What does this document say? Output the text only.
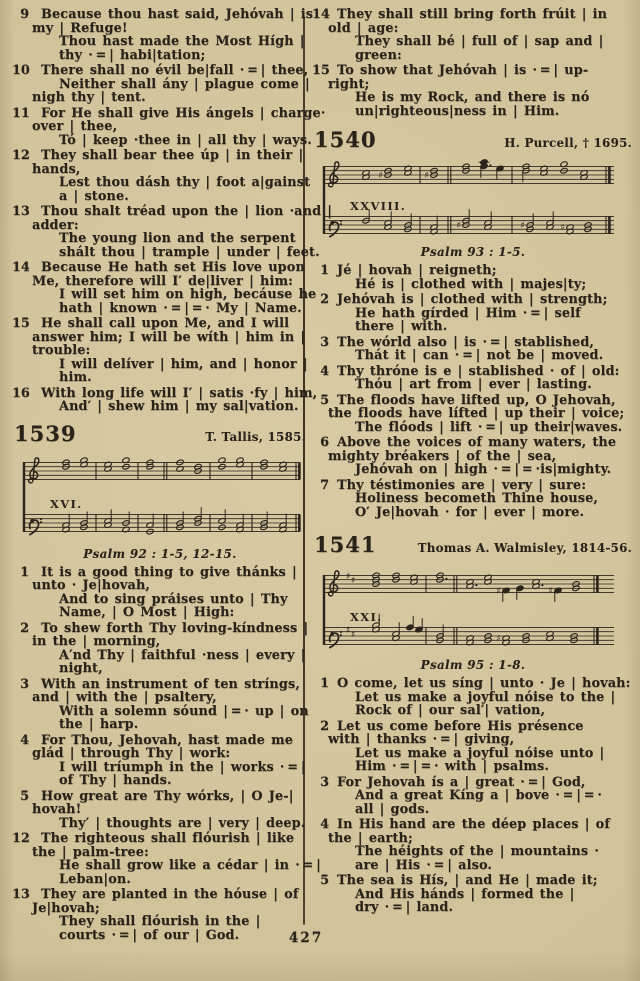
9 Because thou hast said, Jehóvah | is
my | Refuge!
Thou hast made the Most Hígh |
thy · = | habi|tation;
10 There shall no évil be|fall · = | thee,
Neither shall ány | plague come |
nigh thy | tent.
11 For He shall give His ángels | charge·
over | thee,
Tó | keep ·thee in | all thy | ways.
12 They shall bear thee úp | in their |
hands,
Lest thou dásh thy | foot a|gainst
a | stone.
13 Thou shalt tréad upon the | lion ·and |
adder:
The young lion and the serpent
shált thou | trample | under | feet.
14 Because He hath set His love upon
Me, therefore will I′ de|liver | him:
I will set him on high, becáuse he
hath | known · = | = · My | Name.
15 He shall call upon Me, and I will
answer him; I will be wíth | him in |
trouble:
I will delíver | him, and | honor |
him.
16 With long life will I′ | satis ·fy | him,
And′ | shew him | my sal|vation.
1539	T. Tallis, 1585.
XVI.
Psalm 92 : 1-5, 12-15.
1 It is a good thing to give thánks |
unto · Je|hovah,
And to sing práises unto | Thy
Name, | O Most | High:
2 To shew forth Thy loving-kíndness |
in the | morning,
A′nd Thy | faithful ·ness | every |
night,
3 With an instrument of ten stríngs,
and | with the | psaltery,
With a solemn sóund | = · up | on
the | harp.
4 For Thou, Jehovah, hast made me
glád | through Thy | work:
I will tríumph in the | works · = |
of Thy | hands.
5 How great are Thy wórks, | O Je-|
hovah!
Thy′ | thoughts are | very | deep.
12 The righteous shall flóurish | like
the | palm-tree:
He shall grow like a cédar | in · = |
Leban|on.
13 They are planted in the hóuse | of
Je|hovah;
They shall flóurish in the |
courts · = | of our | God.
14 They shall still bring forth frúit | in
old | age:
They shall bé | full of | sap and |
green:
15 To show that Jehóvah | is · = | up-
right;
He is my Rock, and there is nó
un|righteous|ness in | Him.
1540	H. Purcell, † 1695.
♯	♯
♯	♯	♯
XXVIII.
Psalm 93 : 1-5.
1 Jé | hovah | reigneth;
Hé is | clothed with | majes|ty;
2 Jehóvah is | clothed with | strength;
He hath gírded | Him · = | self
there | with.
3 The wórld also | is · = | stablished,
Thát it | can · = | not be | moved.
4 Thy thróne is e | stablished · of | old:
Thóu | art from | ever | lasting.
5 The floods have lifted up, O Jehovah,
the floods have lífted | up their | voice;
The flóods | lift · = | up their|waves.
6 Above the voices of many waters, the
mighty bréakers | of the | sea,
Jehóvah on | high · = | = ·is|mighty.
7 Thy téstimonies are | very | sure:
Holiness becometh Thine house,
O′ Je|hovah · for | ever | more.
1541	Thomas A. Walmisley, 1814-56.
♯ ♯
♯ ♯
♯	♯
♯
XXI.
Psalm 95 : 1-8.
1 O come, let us síng | unto · Je | hovah:
Let us make a joyful nóise to the |
Rock of | our sal′| vation,
2 Let us come before His présence
with | thanks · = | giving,
Let us make a joyful nóise unto |
Him · = | = · with | psalms.
3 For Jehovah ís a | great · = | God,
And a great Kíng a | bove · = | = ·
all | gods.
4 In His hand are the déep places | of
the | earth;
The héights of the | mountains ·
are | His · = | also.
5 The sea is Hís, | and He | made it;
And His hánds | formed the |
dry · = | land.
427
